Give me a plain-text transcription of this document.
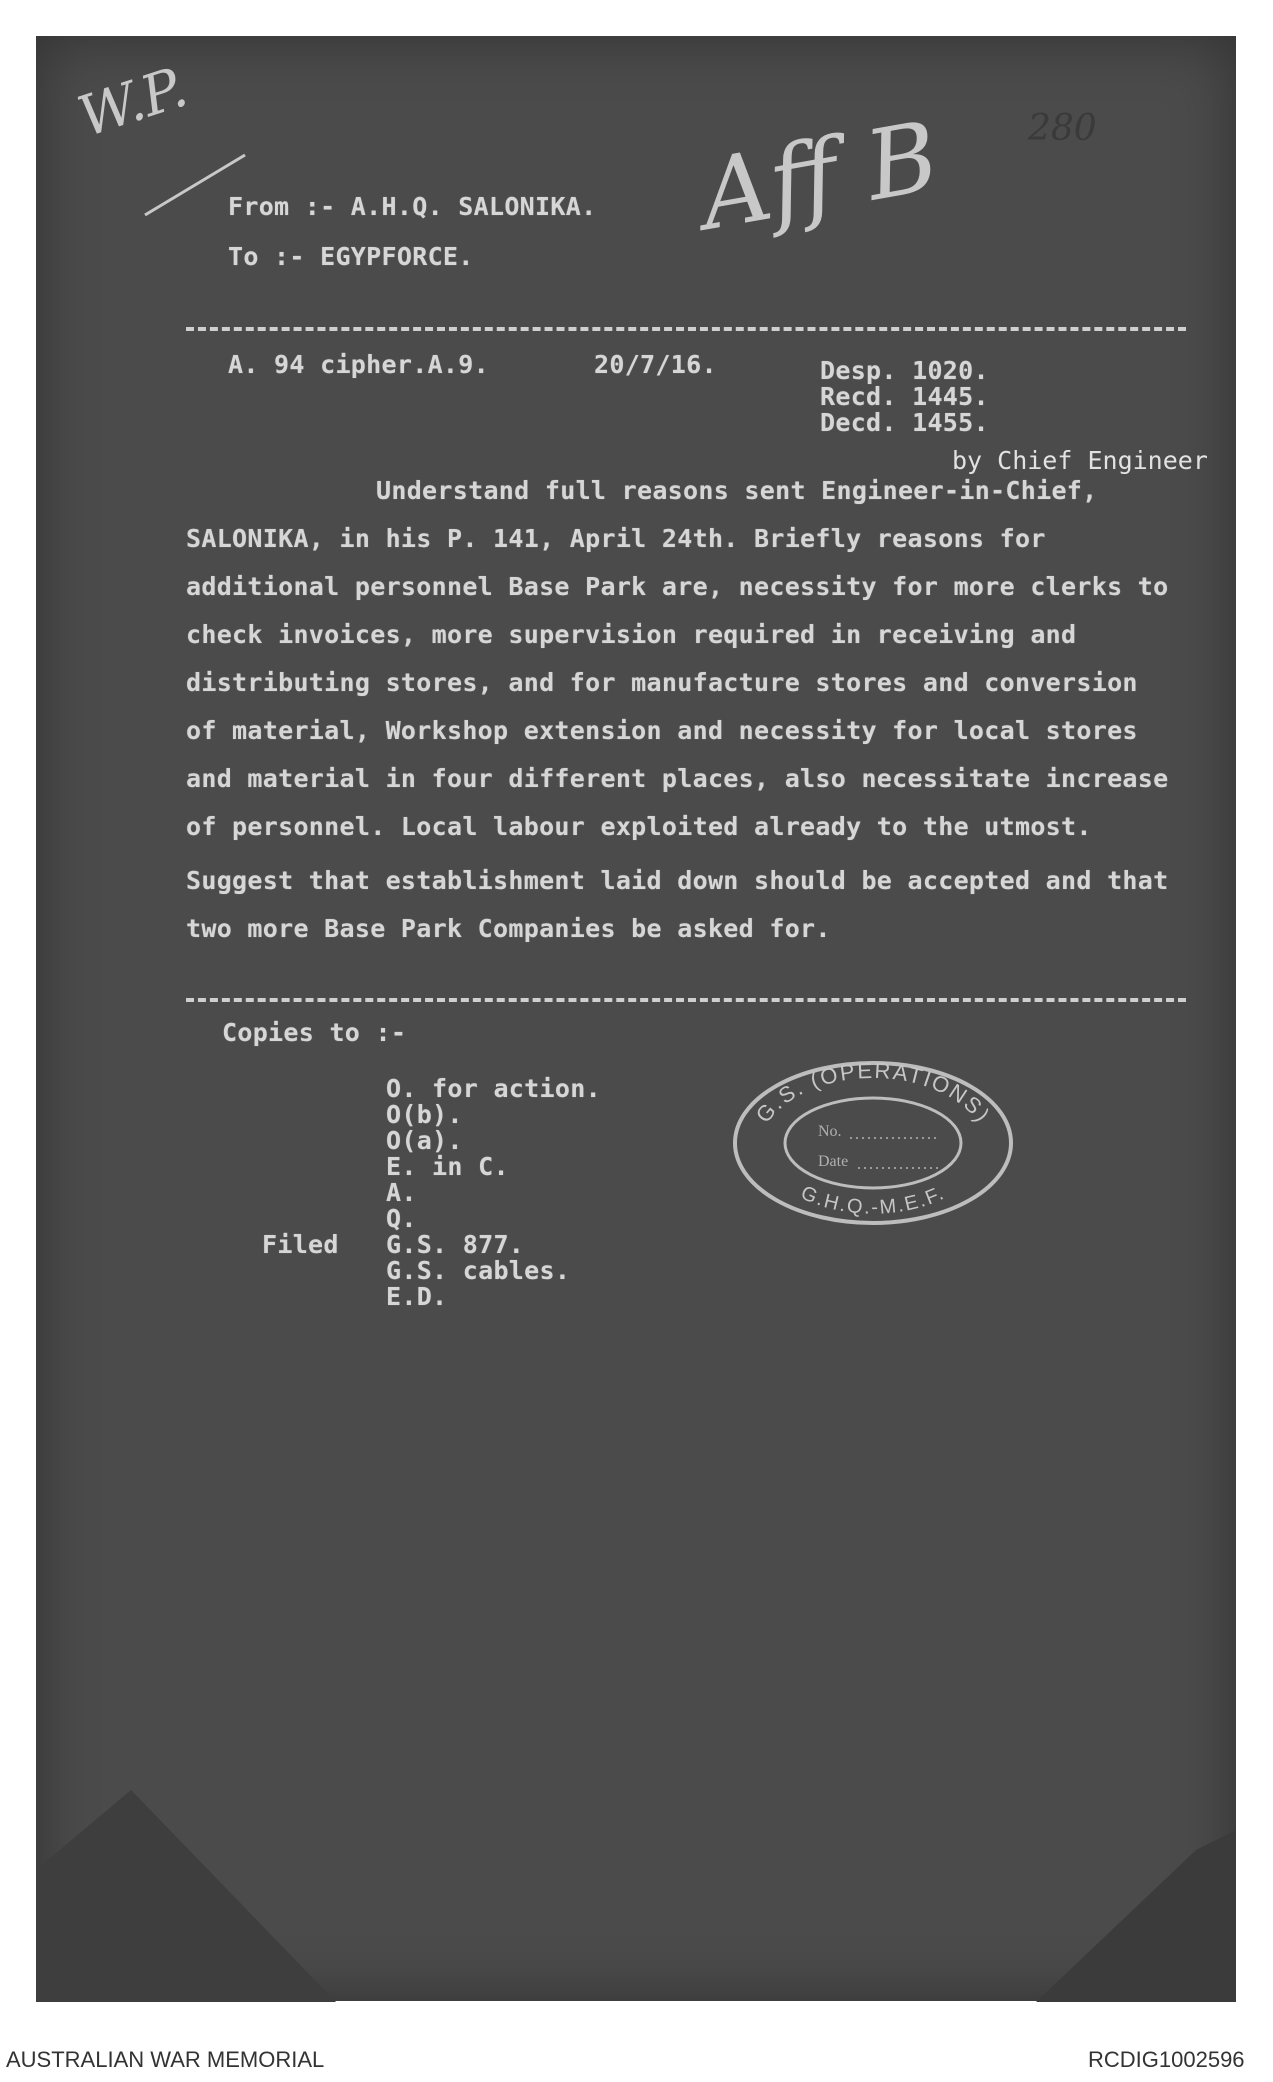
W.P.	Aff B 280
From :- A.H.Q. SALONIKA.
To :- EGYPFORCE.
A. 94 cipher.A.9.	20/7/16.	Desp. 1020.
Recd. 1445.
Decd. 1455.
by Chief Engineer
Understand full reasons sent Engineer-in-Chief,
SALONIKA, in his P. 141, April 24th. Briefly reasons for
additional personnel Base Park are, necessity for more clerks to
check invoices, more supervision required in receiving and
distributing stores, and for manufacture stores and conversion
of material, Workshop extension and necessity for local stores
and material in four different places, also necessitate increase
of personnel. Local labour exploited already to the utmost.
Suggest that establishment laid down should be accepted and that
two more Base Park Companies be asked for.
Copies to :-
O. for action.
O(b).
O(a).
E. in C.
A.
Q.
Filed G.S. 877.
G.S. cables.
E.D.
G.S. (OPERATIONS)
G.H.Q.-M.E.F.
No.
Date
AUSTRALIAN WAR MEMORIAL	RCDIG1002596
